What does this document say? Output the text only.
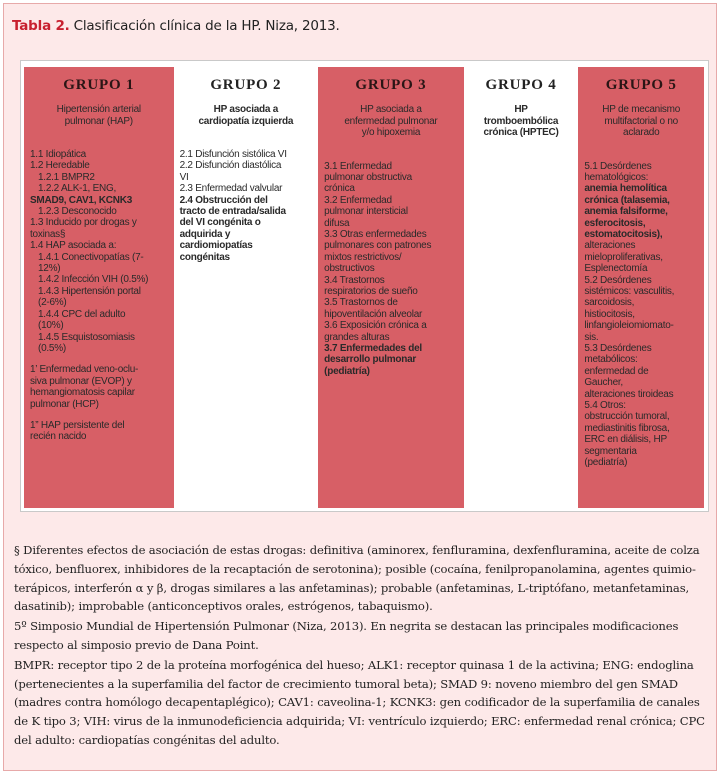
Tabla 2. Clasificación clínica de la HP. Niza, 2013.
GRUPO 1
Hipertensión arterial
pulmonar (HAP)
1.1 Idiopática
1.2 Heredable
1.2.1 BMPR2
1.2.2 ALK-1, ENG,
SMAD9, CAV1, KCNK3
1.2.3 Desconocido
1.3 Inducido por drogas y
toxinas§
1.4 HAP asociada a:
1.4.1 Conectivopatías (7-
12%)
1.4.2 Infección VIH (0.5%)
1.4.3 Hipertensión portal
(2-6%)
1.4.4 CPC del adulto
(10%)
1.4.5 Esquistosomiasis
(0.5%)
1’ Enfermedad veno-oclu-
siva pulmonar (EVOP) y
hemangiomatosis capilar
pulmonar (HCP)
1” HAP persistente del
recién nacido
GRUPO 2
HP asociada a
cardiopatía izquierda
2.1 Disfunción sistólica VI
2.2 Disfunción diastólica
VI
2.3 Enfermedad valvular
2.4 Obstrucción del
tracto de entrada/salida
del VI congénita o
adquirida y
cardiomiopatías
congénitas
GRUPO 3
HP asociada a
enfermedad pulmonar
y/o hipoxemia
3.1 Enfermedad
pulmonar obstructiva
crónica
3.2 Enfermedad
pulmonar intersticial
difusa
3.3 Otras enfermedades
pulmonares con patrones
mixtos restrictivos/
obstructivos
3.4 Trastornos
respiratorios de sueño
3.5 Trastornos de
hipoventilación alveolar
3.6 Exposición crónica a
grandes alturas
3.7 Enfermedades del
desarrollo pulmonar
(pediatría)
GRUPO 4
HP
tromboembólica
crónica (HPTEC)
GRUPO 5
HP de mecanismo
multifactorial o no
aclarado
5.1 Desórdenes
hematológicos:
anemia hemolítica
crónica (talasemia,
anemia falsiforme,
esferocitosis,
estomatocitosis),
alteraciones
mieloproliferativas,
Esplenectomía
5.2 Desórdenes
sistémicos: vasculitis,
sarcoidosis,
histiocitosis,
linfangioleiomiomato-
sis.
5.3 Desórdenes
metabólicos:
enfermedad de
Gaucher,
alteraciones tiroideas
5.4 Otros:
obstrucción tumoral,
mediastinitis fibrosa,
ERC en diálisis, HP
segmentaria
(pediatría)

§ Diferentes efectos de asociación de estas drogas: definitiva (aminorex, fenfluramina, dexfenfluramina, aceite de colza tóxico, benfluorex, inhibidores de la recaptación de serotonina); posible (cocaína, fenilpropanolamina, agentes quimio-terápicos, interferón α y β, drogas similares a las anfetaminas); probable (anfetaminas, L-triptófano, metanfetaminas, dasatinib); improbable (anticonceptivos orales, estrógenos, tabaquismo).

5º Simposio Mundial de Hipertensión Pulmonar (Niza, 2013). En negrita se destacan las principales modificaciones respecto al simposio previo de Dana Point.

BMPR: receptor tipo 2 de la proteína morfogénica del hueso; ALK1: receptor quinasa 1 de la activina; ENG: endoglina (pertenecientes a la superfamilia del factor de crecimiento tumoral beta); SMAD 9: noveno miembro del gen SMAD (madres contra homólogo decapentaplégico); CAV1: caveolina-1; KCNK3: gen codificador de la superfamilia de canales de K tipo 3; VIH: virus de la inmunodeficiencia adquirida; VI: ventrículo izquierdo; ERC: enfermedad renal crónica; CPC del adulto: cardiopatías congénitas del adulto.
